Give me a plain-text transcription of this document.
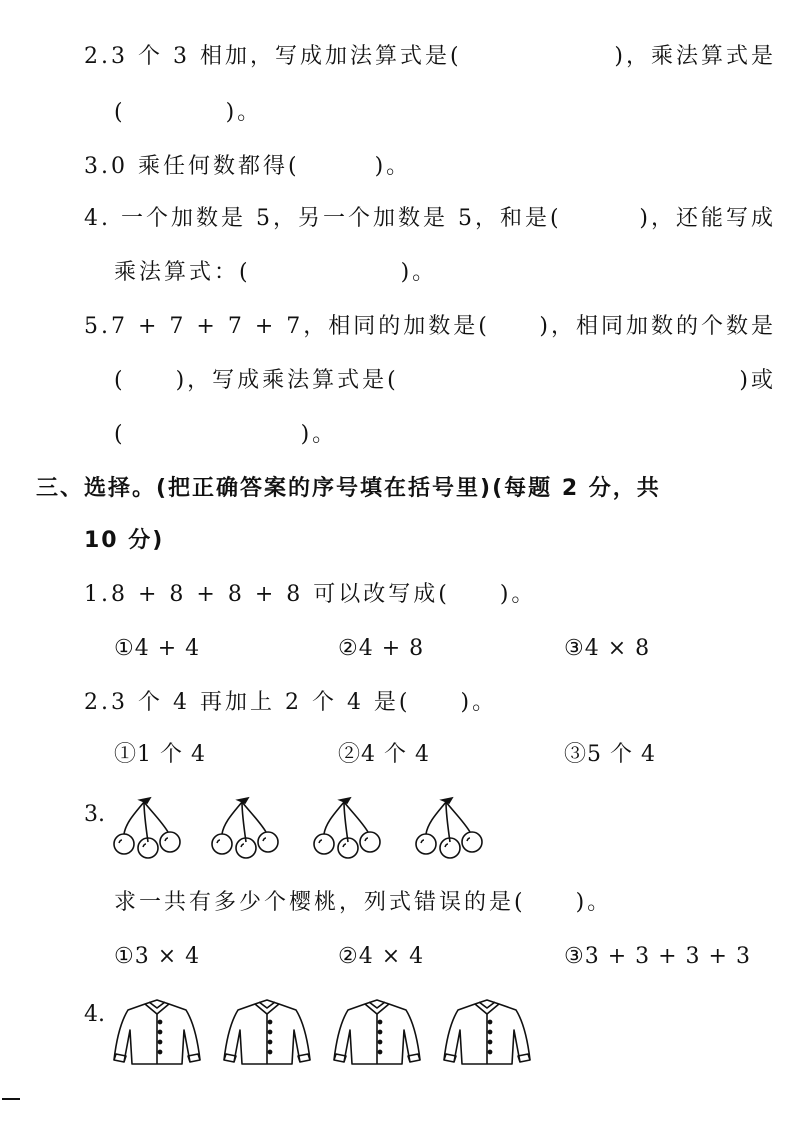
2.3 个 3 相加，写成加法算式是(	)，乘法算式是
(　　　　)。
3.0 乘任何数都得(　　　)。
4. 一个加数是 5，另一个加数是 5，和是(	)，还能写成
乘法算式：(　　　　　　)。
5.7 + 7 + 7 + 7，相同的加数是( )，相同加数的个数是
(　　)，写成乘法算式是(	)或
(　　　　　　　)。
三、选择。(把正确答案的序号填在括号里)(每题 2 分，共
10 分)
1.8 + 8 + 8 + 8 可以改写成(　　)。
①4 + 4	②4 + 8	③4 × 8
2.3 个 4 再加上 2 个 4 是(　　)。
①1 个 4	②4 个 4	③5 个 4
3.
求一共有多少个樱桃，列式错误的是(　　)。
①3 × 4	②4 × 4	③3 + 3 + 3 + 3
4.
